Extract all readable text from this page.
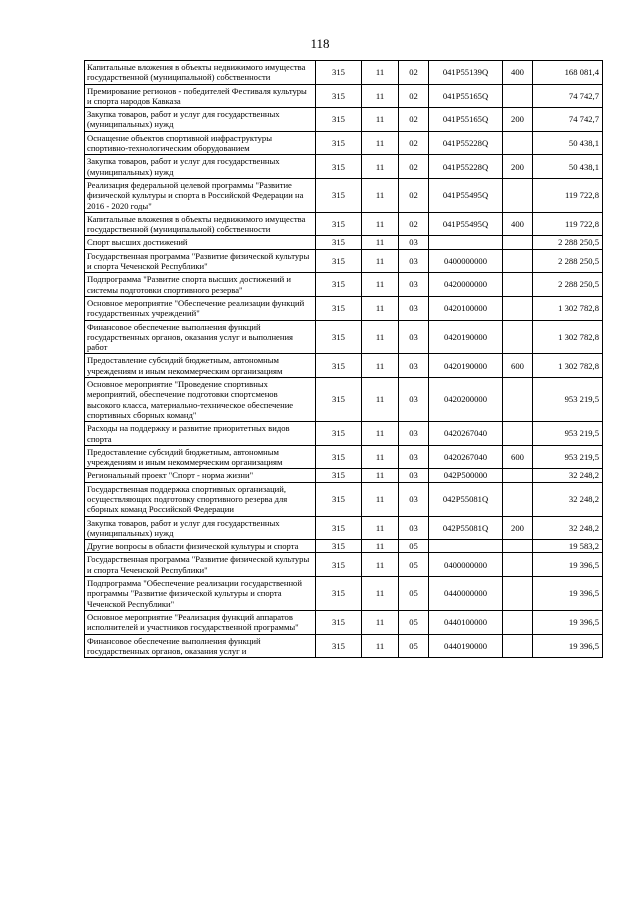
118
Капитальные вложения в объекты недвижимого имущества государственной (муниципальной) собственности	315	11	02	041P55139Q	400	168 081,4
Премирование регионов - победителей Фестиваля культуры и спорта народов Кавказа	315	11	02	041P55165Q		74 742,7
Закупка товаров, работ и услуг для государственных (муниципальных) нужд	315	11	02	041P55165Q	200	74 742,7
Оснащение объектов спортивной инфраструктуры спортивно-технологическим оборудованием	315	11	02	041P55228Q		50 438,1
Закупка товаров, работ и услуг для государственных (муниципальных) нужд	315	11	02	041P55228Q	200	50 438,1
Реализация федеральной целевой программы "Развитие физической культуры и спорта в Российской Федерации на 2016 - 2020 годы"	315	11	02	041P55495Q		119 722,8
Капитальные вложения в объекты недвижимого имущества государственной (муниципальной) собственности	315	11	02	041P55495Q	400	119 722,8
Спорт высших достижений	315	11	03			2 288 250,5
Государственная программа "Развитие физической культуры и спорта Чеченской Республики"	315	11	03	0400000000		2 288 250,5
Подпрограмма "Развитие спорта высших достижений и системы подготовки спортивного резерва"	315	11	03	0420000000		2 288 250,5
Основное мероприятие "Обеспечение реализации функций государственных учреждений"	315	11	03	0420100000		1 302 782,8
Финансовое обеспечение выполнения функций государственных органов, оказания услуг и выполнения работ	315	11	03	0420190000		1 302 782,8
Предоставление субсидий бюджетным, автономным учреждениям и иным некоммерческим организациям	315	11	03	0420190000	600	1 302 782,8
Основное мероприятие "Проведение спортивных мероприятий, обеспечение подготовки спортсменов высокого класса, материально-техническое обеспечение спортивных сборных команд"	315	11	03	0420200000		953 219,5
Расходы на поддержку и развитие приоритетных видов спорта	315	11	03	0420267040		953 219,5
Предоставление субсидий бюджетным, автономным учреждениям и иным некоммерческим организациям	315	11	03	0420267040	600	953 219,5
Региональный проект "Спорт - норма жизни"	315	11	03	042P500000		32 248,2
Государственная поддержка спортивных организаций, осуществляющих подготовку спортивного резерва для сборных команд Российской Федерации	315	11	03	042P55081Q		32 248,2
Закупка товаров, работ и услуг для государственных (муниципальных) нужд	315	11	03	042P55081Q	200	32 248,2
Другие вопросы в области физической культуры и спорта	315	11	05			19 583,2
Государственная программа "Развитие физической культуры и спорта Чеченской Республики"	315	11	05	0400000000		19 396,5
Подпрограмма "Обеспечение реализации государственной программы "Развитие физической культуры и спорта Чеченской Республики"	315	11	05	0440000000		19 396,5
Основное мероприятие "Реализация функций аппаратов исполнителей и участников государственной программы"	315	11	05	0440100000		19 396,5
Финансовое обеспечение выполнения функций государственных органов, оказания услуг и	315	11	05	0440190000		19 396,5
